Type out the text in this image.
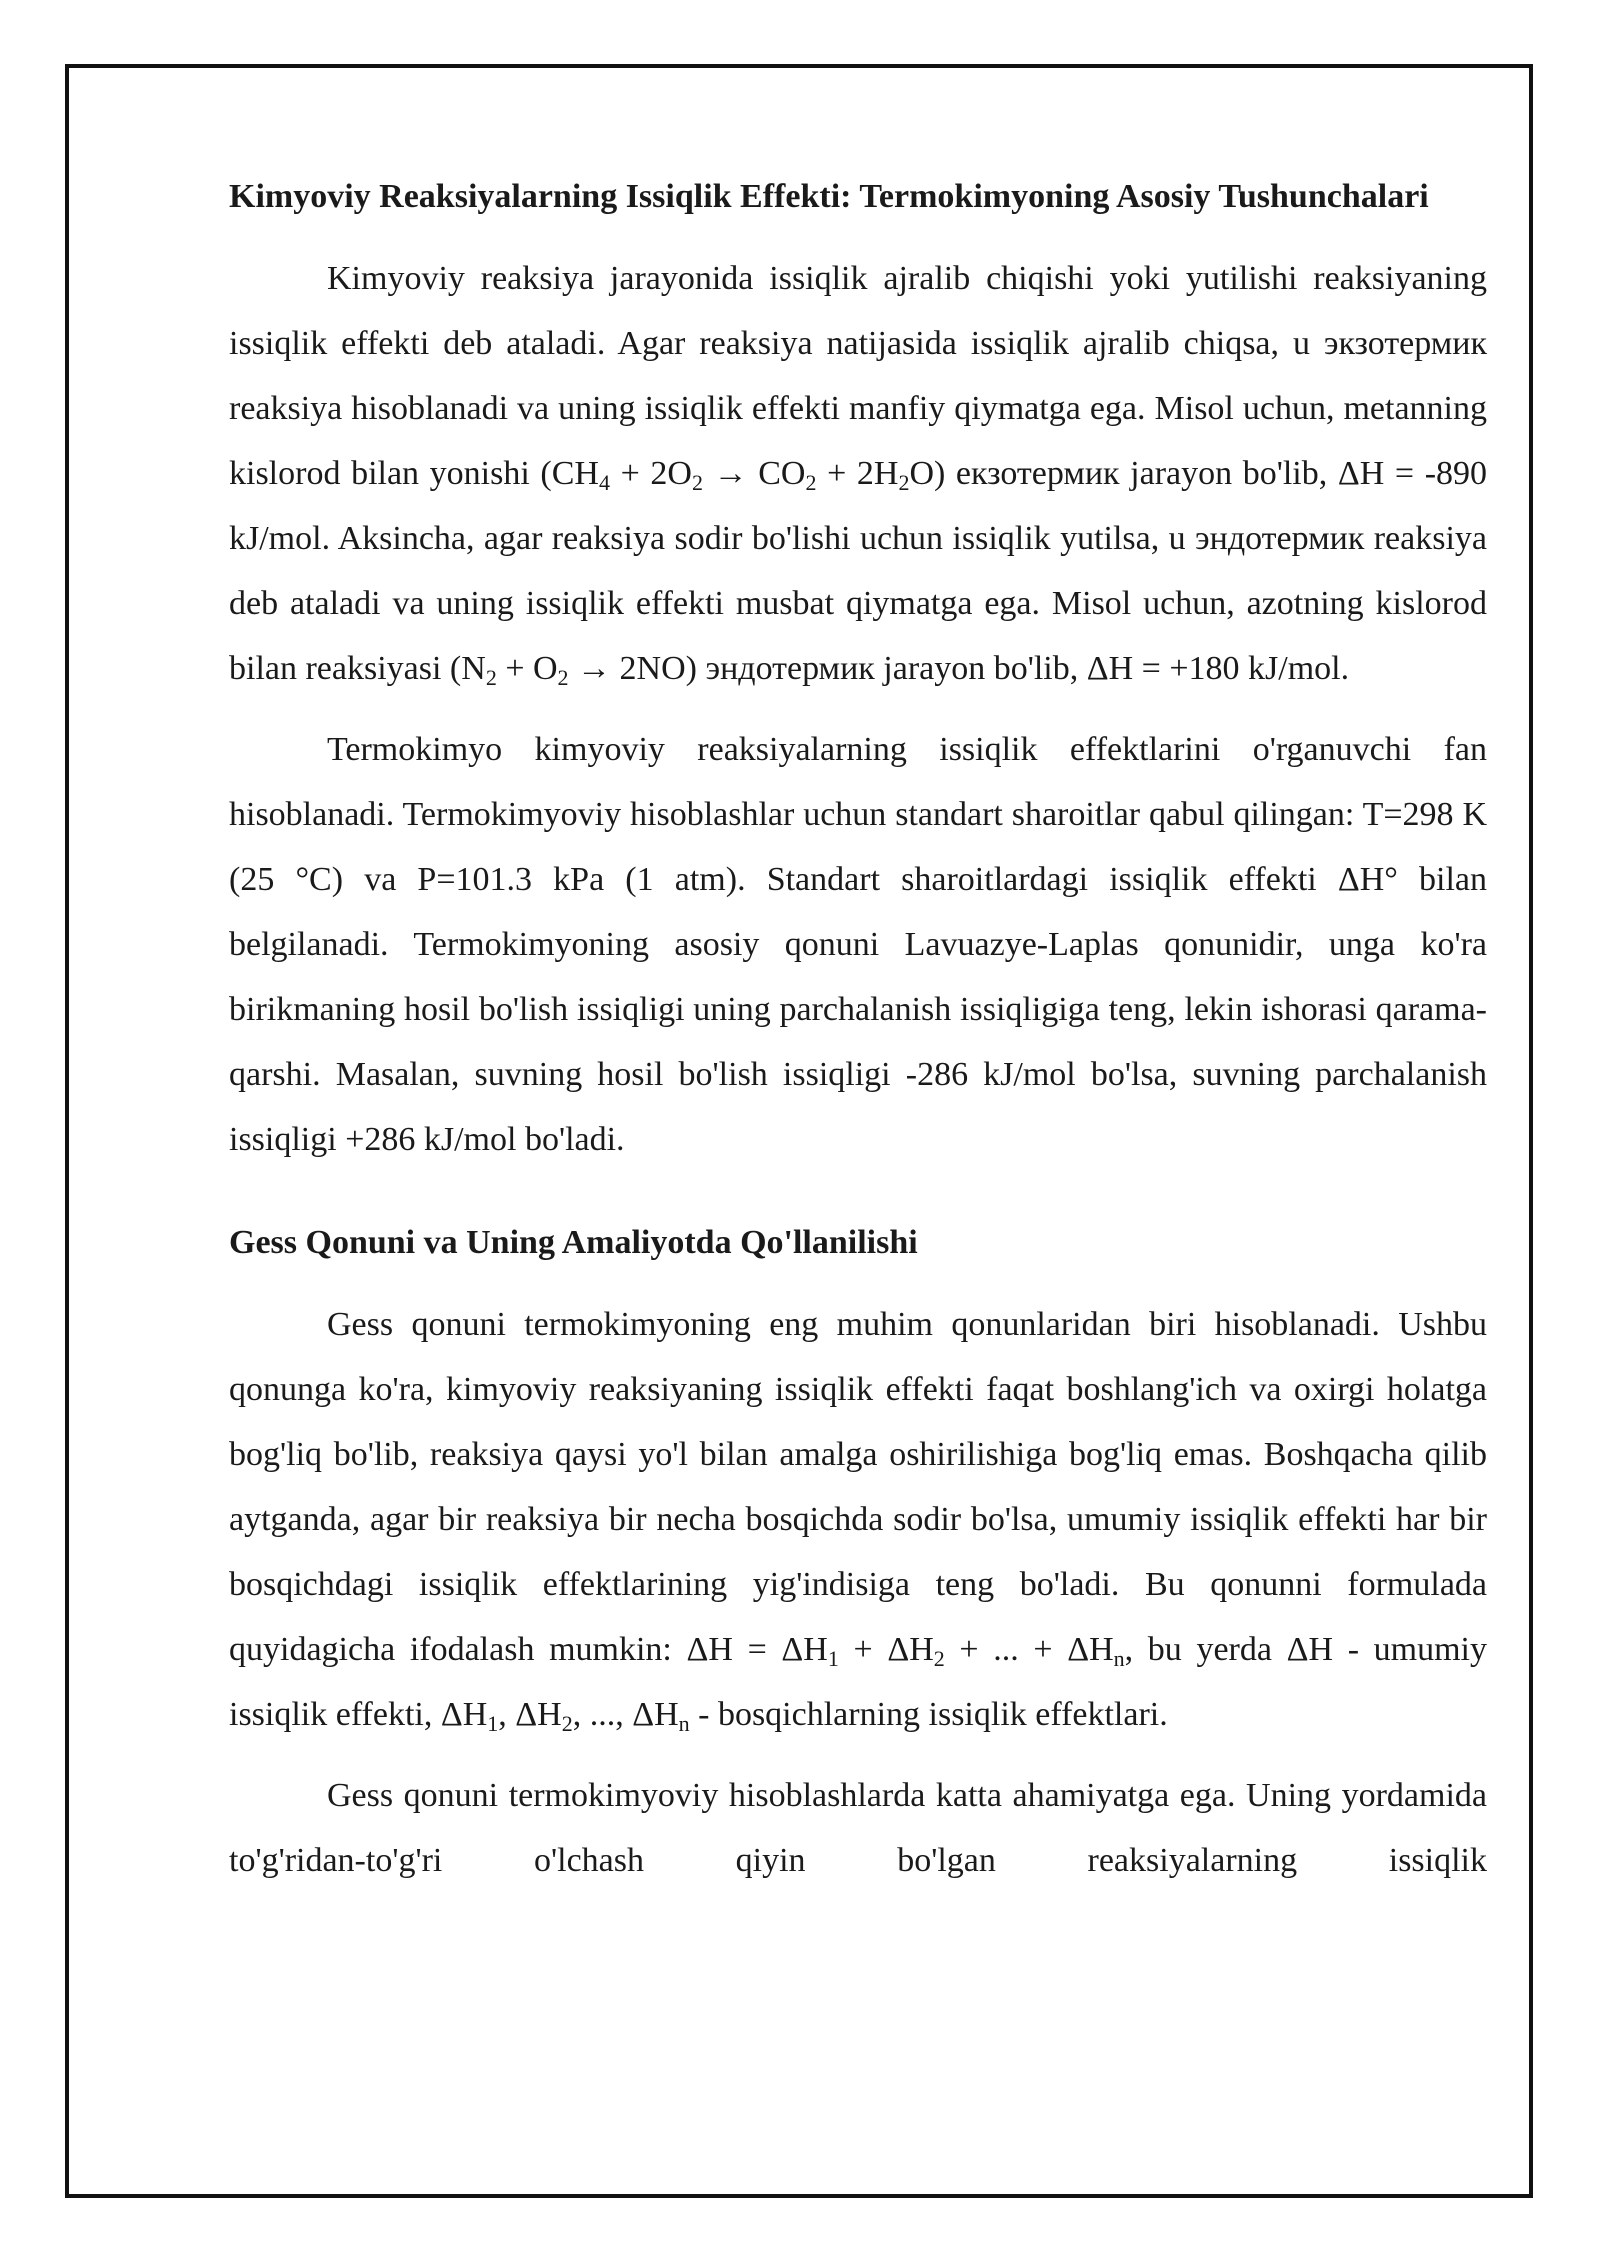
Kimyoviy Reaksiyalarning Issiqlik Effekti: Termokimyoning Asosiy Tushunchalari

Kimyoviy reaksiya jarayonida issiqlik ajralib chiqishi yoki yutilishi reaksiyaning issiqlik effekti deb ataladi. Agar reaksiya natijasida issiqlik ajralib chiqsa, u экзотермик reaksiya hisoblanadi va uning issiqlik effekti manfiy qiymatga ega. Misol uchun, metanning kislorod bilan yonishi $(CH_4 + 2O_2 \to CO_2 + 2H_2O)$ екзотермик jarayon bo'lib, ΔH = -890 kJ/mol. Aksincha, agar reaksiya sodir bo'lishi uchun issiqlik yutilsa, u эндотермик reaksiya deb ataladi va uning issiqlik effekti musbat qiymatga ega. Misol uchun, azotning kislorod bilan reaksiyasi $(N_2 + O_2 \to 2NO)$ эндотермик jarayon bo'lib, ΔH = +180 kJ/mol.

Termokimyo kimyoviy reaksiyalarning issiqlik effektlarini o'rganuvchi fan hisoblanadi. Termokimyoviy hisoblashlar uchun standart sharoitlar qabul qilingan: T=298 K (25 °C) va P=101.3 kPa (1 atm). Standart sharoitlardagi issiqlik effekti ΔH° bilan belgilanadi. Termokimyoning asosiy qonuni Lavuazye-Laplas qonunidir, unga ko'ra birikmaning hosil bo'lish issiqligi uning parchalanish issiqligiga teng, lekin ishorasi qarama-qarshi. Masalan, suvning hosil bo'lish issiqligi -286 kJ/mol bo'lsa, suvning parchalanish issiqligi +286 kJ/mol bo'ladi.

Gess Qonuni va Uning Amaliyotda Qo'llanilishi

Gess qonuni termokimyoning eng muhim qonunlaridan biri hisoblanadi. Ushbu qonunga ko'ra, kimyoviy reaksiyaning issiqlik effekti faqat boshlang'ich va oxirgi holatga bog'liq bo'lib, reaksiya qaysi yo'l bilan amalga oshirilishiga bog'liq emas. Boshqacha qilib aytganda, agar bir reaksiya bir necha bosqichda sodir bo'lsa, umumiy issiqlik effekti har bir bosqichdagi issiqlik effektlarining yig'indisiga teng bo'ladi. Bu qonunni formulada quyidagicha ifodalash mumkin: $\Delta H = \Delta H_1 + \Delta H_2$ + ... + $\Delta H_n$, bu yerda ΔH - umumiy issiqlik effekti, $\Delta H_1$, $\Delta H_2$, ..., $\Delta H_n$ - bosqichlarning issiqlik effektlari.

Gess qonuni termokimyoviy hisoblashlarda katta ahamiyatga ega. Uning yordamida to'g'ridan-to'g'ri o'lchash qiyin bo'lgan reaksiyalarning issiqlik
